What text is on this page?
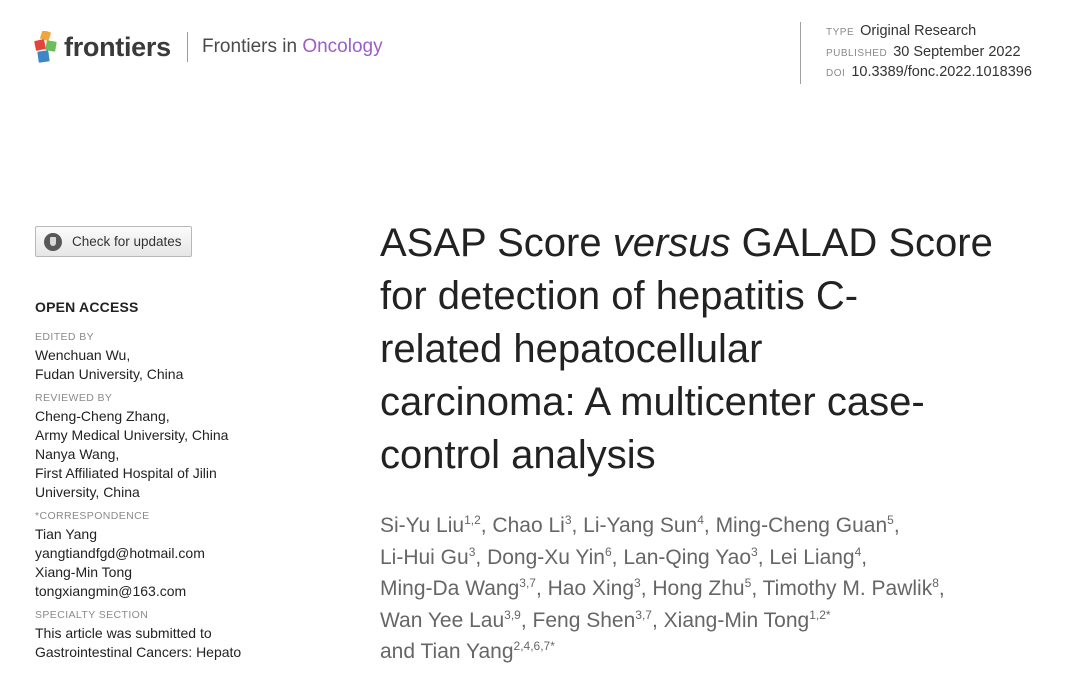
frontiers	Frontiers in Oncology
TYPE Original Research
PUBLISHED 30 September 2022
DOI 10.3389/fonc.2022.1018396
Check for updates
OPEN ACCESS
EDITED BY
Wenchuan Wu,
Fudan University, China
REVIEWED BY
Cheng-Cheng Zhang,
Army Medical University, China
Nanya Wang,
First Affiliated Hospital of Jilin
University, China
*CORRESPONDENCE
Tian Yang
yangtiandfgd@hotmail.com
Xiang-Min Tong
tongxiangmin@163.com
SPECIALTY SECTION
This article was submitted to
Gastrointestinal Cancers: Hepato
ASAP Score versus GALAD Score
for detection of hepatitis C-
related hepatocellular
carcinoma: A multicenter case-
control analysis
Si-Yu Liu$^{1,2}$, Chao Li$^3$, Li-Yang Sun$^4$, Ming-Cheng Guan$^5$,
Li-Hui Gu$^3$, Dong-Xu Yin$^6$, Lan-Qing Yao$^3$, Lei Liang$^4$,
Ming-Da Wang$^{3,7}$, Hao Xing$^3$, Hong Zhu$^5$, Timothy M. Pawlik$^8$,
Wan Yee Lau$^{3,9}$, Feng Shen$^{3,7}$, Xiang-Min Tong$^{1,2*}$
and Tian Yang$^{2,4,6,7*}$
